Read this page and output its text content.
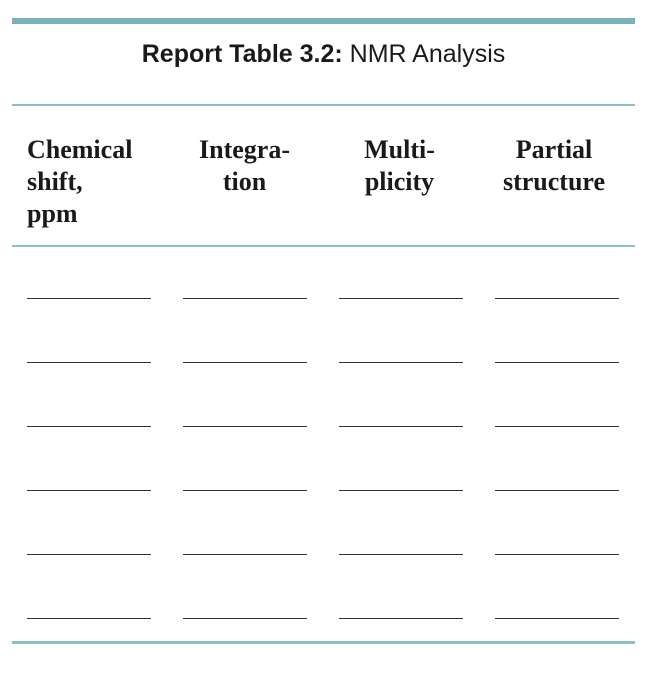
Report Table 3.2: NMR Analysis
Chemical
shift,
ppm
Integra-
tion
Multi-
plicity
Partial
structure
